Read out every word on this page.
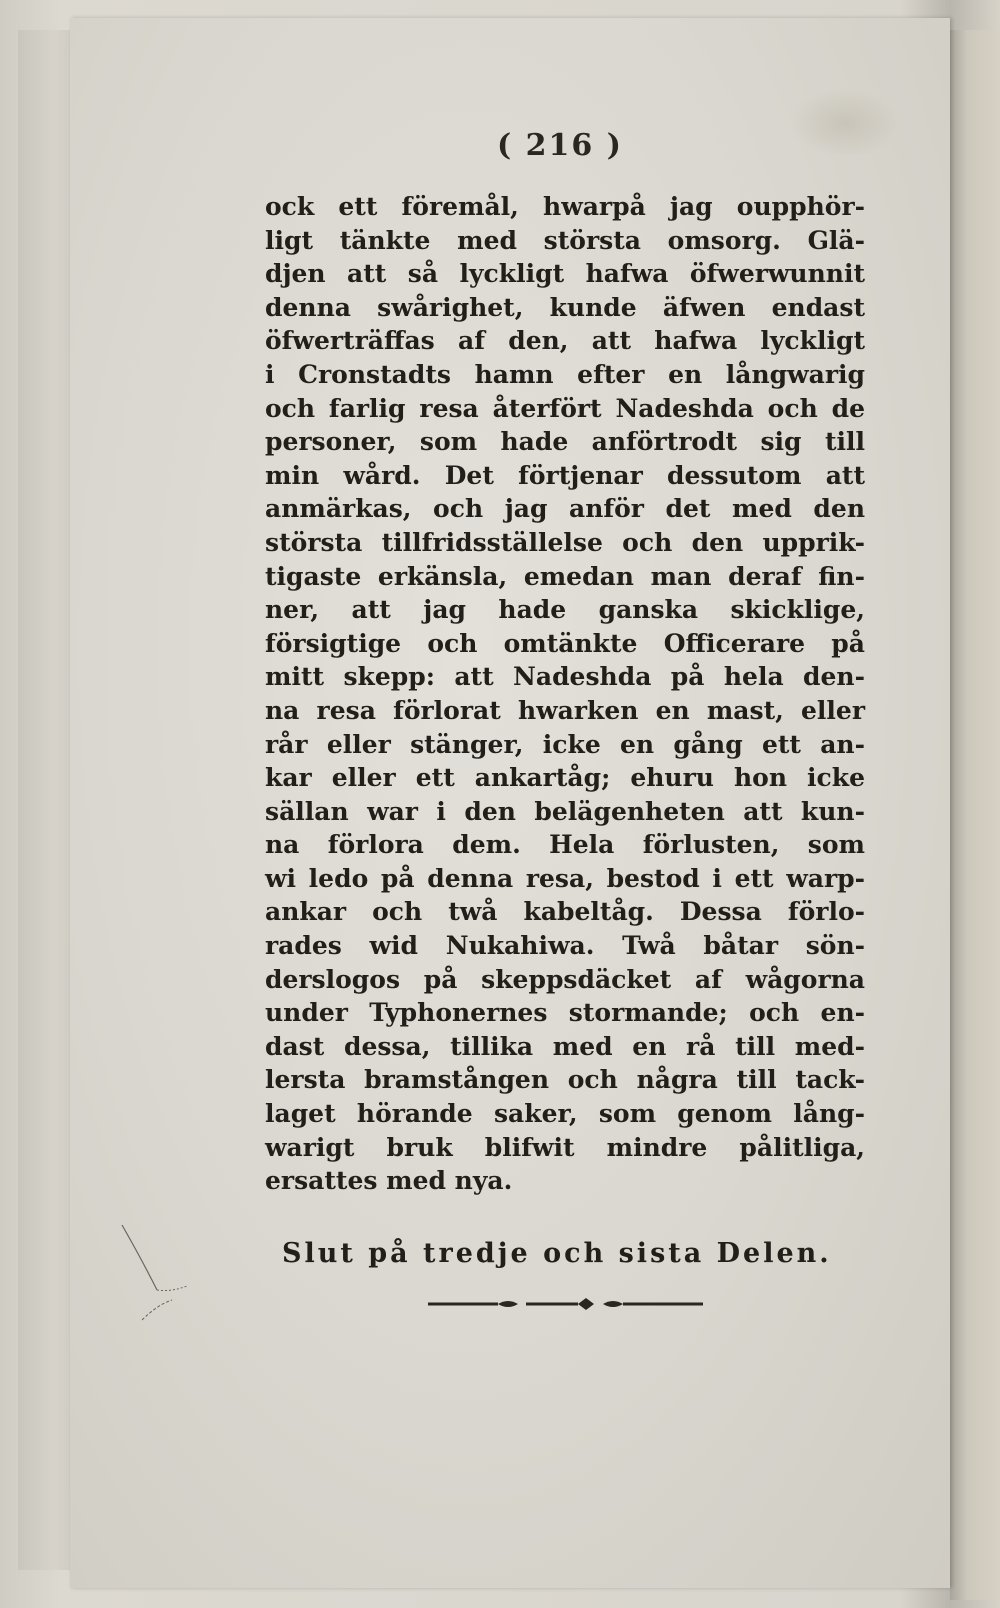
( 216 )
ock ett föremål, hwarpå jag oupphör-
ligt tänkte med största omsorg. Glä-
djen att så lyckligt hafwa öfwerwunnit
denna swårighet, kunde äfwen endast
öfwerträffas af den, att hafwa lyckligt
i Cronstadts hamn efter en långwarig
och farlig resa återfört Nadeshda och de
personer, som hade anförtrodt sig till
min wård. Det förtjenar dessutom att
anmärkas, och jag anför det med den
största tillfridsställelse och den upprik-
tigaste erkänsla, emedan man deraf fin-
ner, att jag hade ganska skicklige,
försigtige och omtänkte Officerare på
mitt skepp: att Nadeshda på hela den-
na resa förlorat hwarken en mast, eller
rår eller stänger, icke en gång ett an-
kar eller ett ankartåg; ehuru hon icke
sällan war i den belägenheten att kun-
na förlora dem. Hela förlusten, som
wi ledo på denna resa, bestod i ett warp-
ankar och twå kabeltåg. Dessa förlo-
rades wid Nukahiwa. Twå båtar sön-
derslogos på skeppsdäcket af wågorna
under Typhonernes stormande; och en-
dast dessa, tillika med en rå till med-
lersta bramstången och några till tack-
laget hörande saker, som genom lång-
warigt bruk blifwit mindre pålitliga,
ersattes med nya.
Slut på tredje och sista Delen.
